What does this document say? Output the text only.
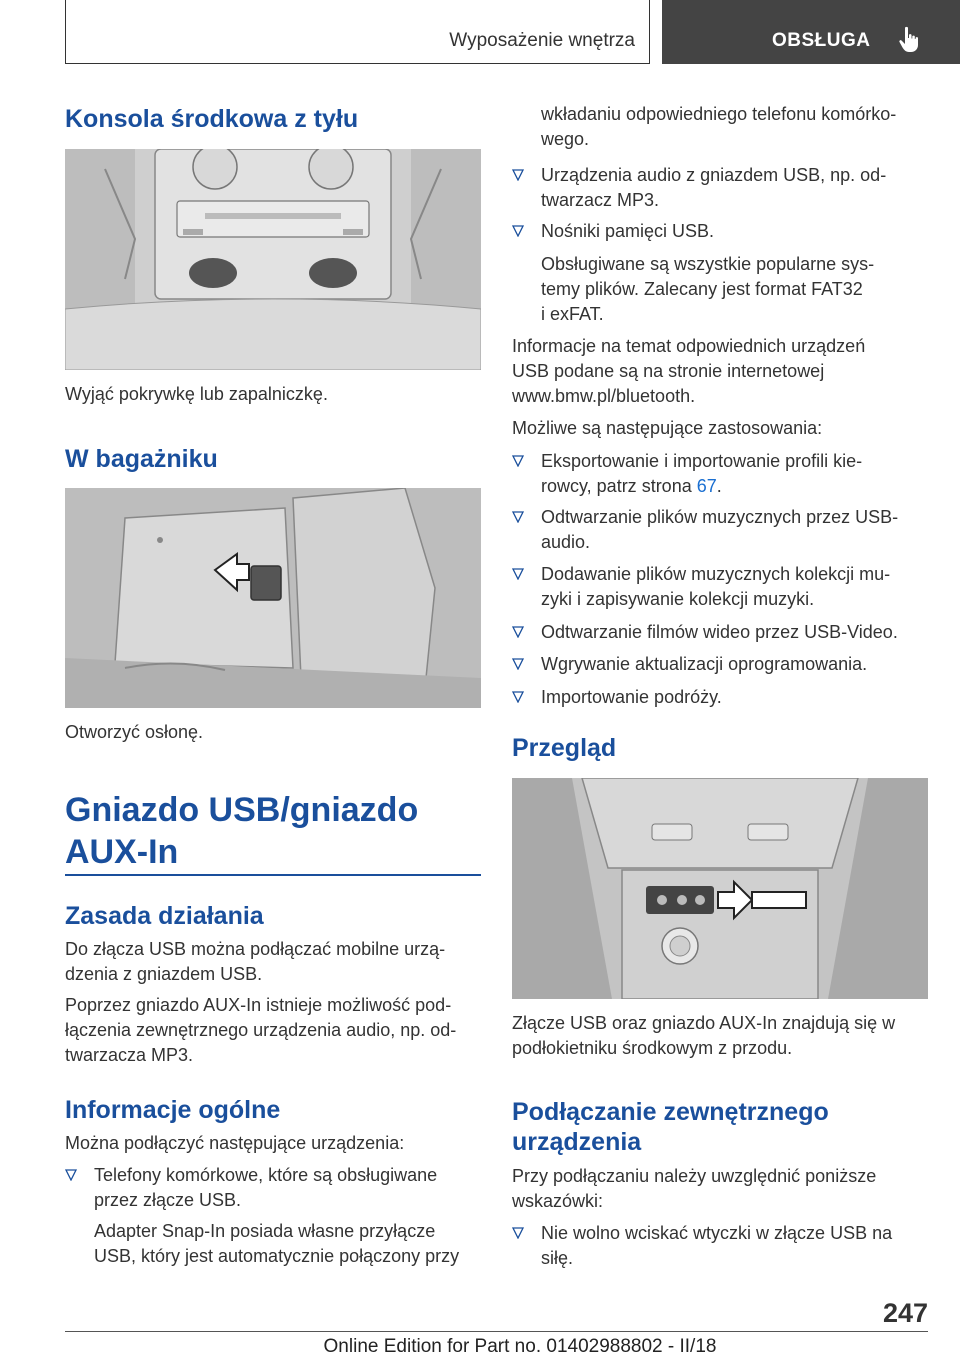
Wyposażenie wnętrza	OBSŁUGA
Konsola środkowa z tyłu
Wyjąć pokrywkę lub zapalniczkę.
W bagażniku
Otworzyć osłonę.
Gniazdo USB/gniazdo
AUX-In
Zasada działania
Do złącza USB można podłączać mobilne urzą‐
dzenia z gniazdem USB.
Poprzez gniazdo AUX-In istnieje możliwość pod‐
łączenia zewnętrznego urządzenia audio, np. od‐
twarzacza MP3.
Informacje ogólne
Można podłączyć następujące urządzenia:
Telefony komórkowe, które są obsługiwane
przez złącze USB.
Adapter Snap-In posiada własne przyłącze
USB, który jest automatycznie połączony przy
wkładaniu odpowiedniego telefonu komórko‐
wego.
Urządzenia audio z gniazdem USB, np. od‐
twarzacz MP3.
Nośniki pamięci USB.
Obsługiwane są wszystkie popularne sys‐
temy plików. Zalecany jest format FAT32
i exFAT.
Informacje na temat odpowiednich urządzeń
USB podane są na stronie internetowej
www.bmw.pl/bluetooth.
Możliwe są następujące zastosowania:
Eksportowanie i importowanie profili kie‐
rowcy, patrz strona 67.
Odtwarzanie plików muzycznych przez USB-
audio.
Dodawanie plików muzycznych kolekcji mu‐
zyki i zapisywanie kolekcji muzyki.
Odtwarzanie filmów wideo przez USB-Video.
Wgrywanie aktualizacji oprogramowania.
Importowanie podróży.
Przegląd
Złącze USB oraz gniazdo AUX-In znajdują się w
podłokietniku środkowym z przodu.
Podłączanie zewnętrznego
urządzenia
Przy podłączaniu należy uwzględnić poniższe
wskazówki:
Nie wolno wciskać wtyczki w złącze USB na
siłę.
247
Online Edition for Part no. 01402988802 - II/18
